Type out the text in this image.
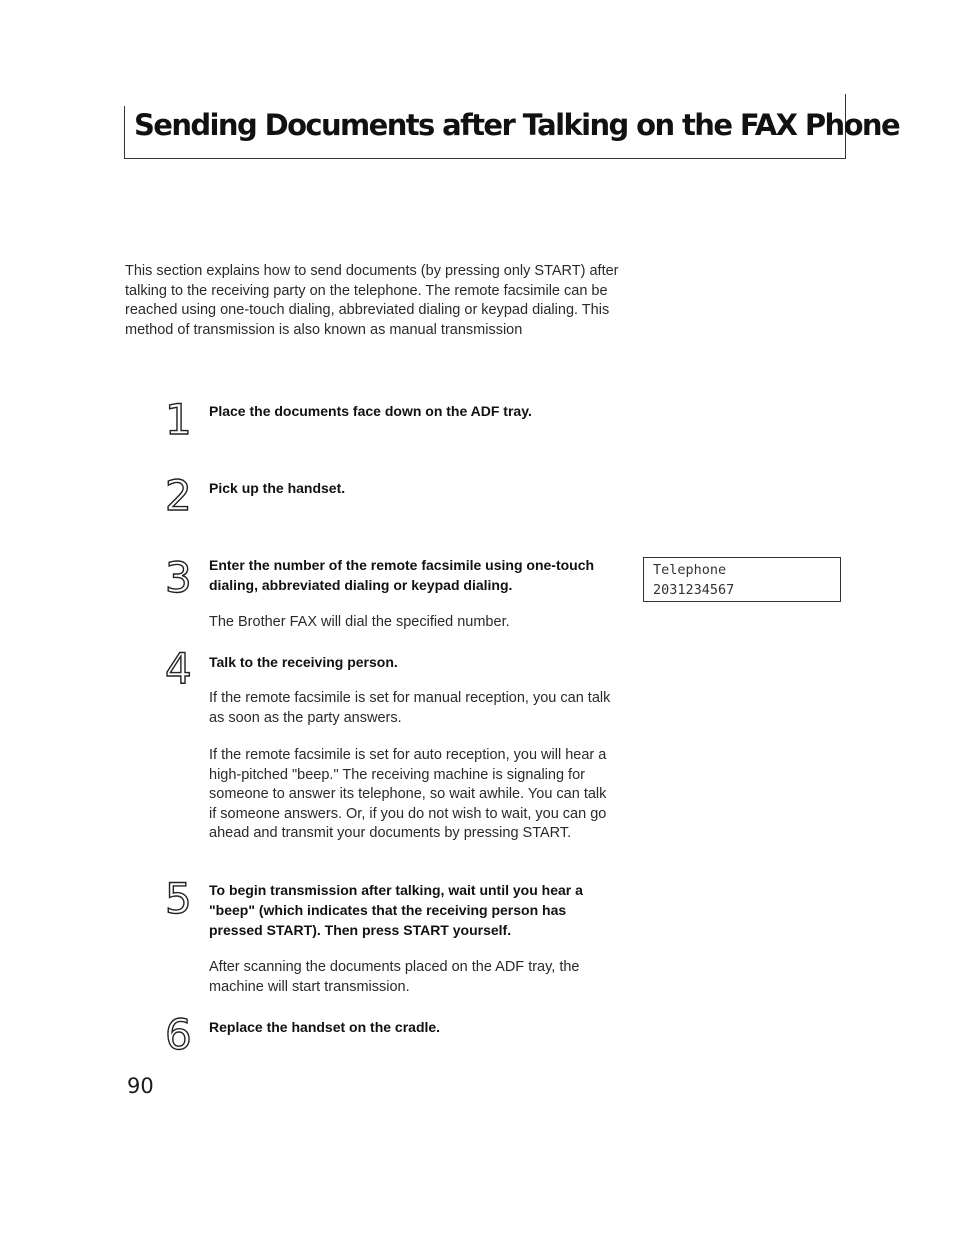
Sending Documents after Talking on the FAX Phone

This section explains how to send documents (by pressing only START) after talking to the receiving party on the telephone. The remote facsimile can be reached using one-touch dialing, abbreviated dialing or keypad dialing. This method of transmission is also known as manual transmission

1 Place the documents face down on the ADF tray.

2 Pick up the handset.

3 Enter the number of the remote facsimile using one-touch dialing, abbreviated dialing or keypad dialing.

The Brother FAX will dial the specified number.

Telephone
2031234567
4 Talk to the receiving person.

If the remote facsimile is set for manual reception, you can talk as soon as the party answers.

If the remote facsimile is set for auto reception, you will hear a high-pitched "beep." The receiving machine is signaling for someone to answer its telephone, so wait awhile. You can talk if someone answers. Or, if you do not wish to wait, you can go ahead and transmit your documents by pressing START.

5 To begin transmission after talking, wait until you hear a "beep" (which indicates that the receiving person has pressed START). Then press START yourself.

After scanning the documents placed on the ADF tray, the machine will start transmission.

6 Replace the handset on the cradle.

90
